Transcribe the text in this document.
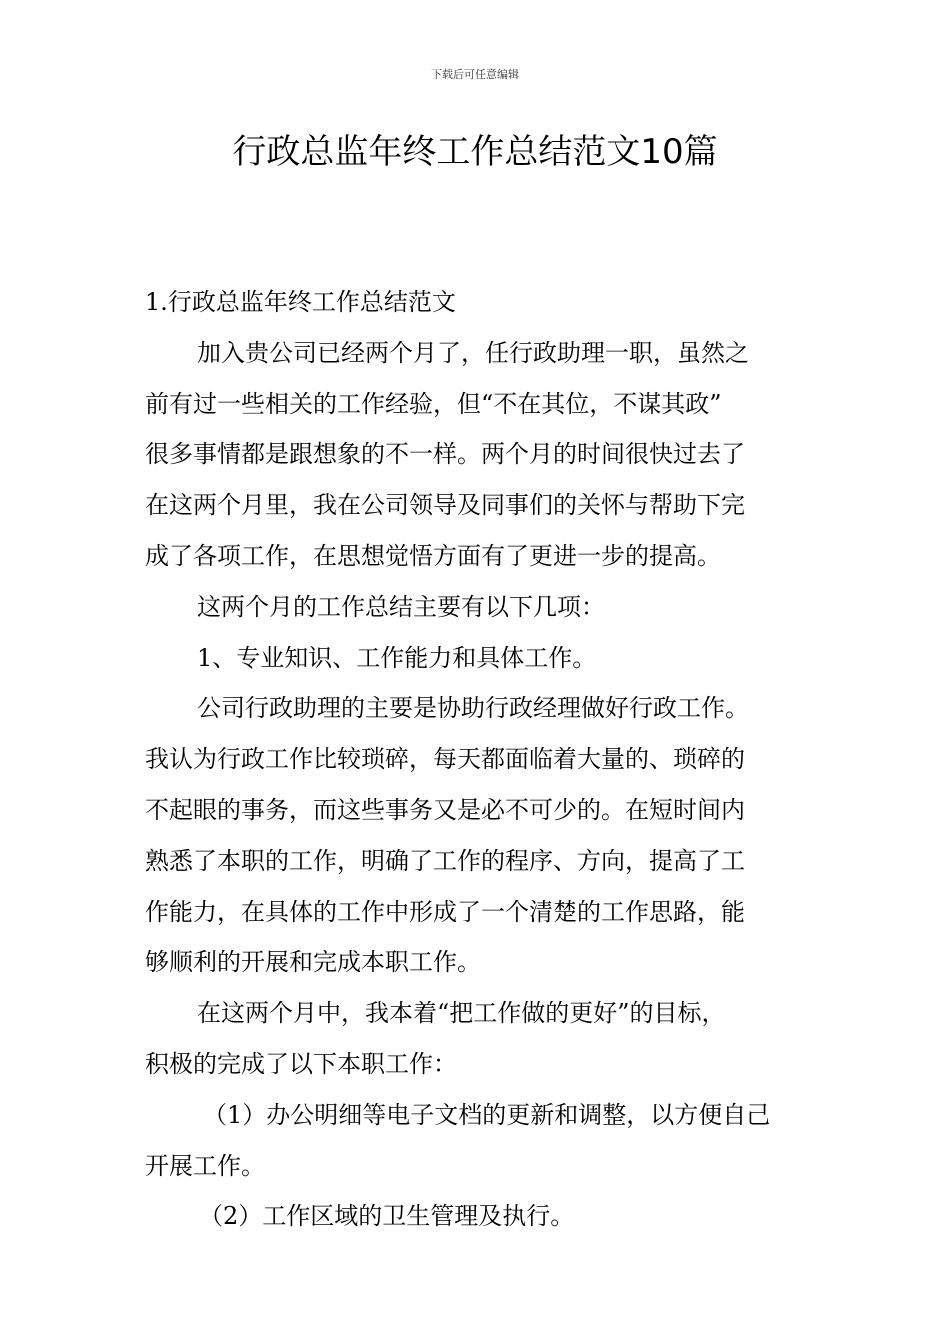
下载后可任意编辑
行政总监年终工作总结范文10篇
1.行政总监年终工作总结范文
加入贵公司已经两个月了，任行政助理一职，虽然之
前有过一些相关的工作经验，但“不在其位，不谋其政”
很多事情都是跟想象的不一样。两个月的时间很快过去了
在这两个月里，我在公司领导及同事们的关怀与帮助下完
成了各项工作，在思想觉悟方面有了更进一步的提高。
这两个月的工作总结主要有以下几项：
1、专业知识、工作能力和具体工作。
公司行政助理的主要是协助行政经理做好行政工作。
我认为行政工作比较琐碎，每天都面临着大量的、琐碎的
不起眼的事务，而这些事务又是必不可少的。在短时间内
熟悉了本职的工作，明确了工作的程序、方向，提高了工
作能力，在具体的工作中形成了一个清楚的工作思路，能
够顺利的开展和完成本职工作。
在这两个月中，我本着“把工作做的更好”的目标，
积极的完成了以下本职工作：
（1）办公明细等电子文档的更新和调整，以方便自己
开展工作。
（2）工作区域的卫生管理及执行。
